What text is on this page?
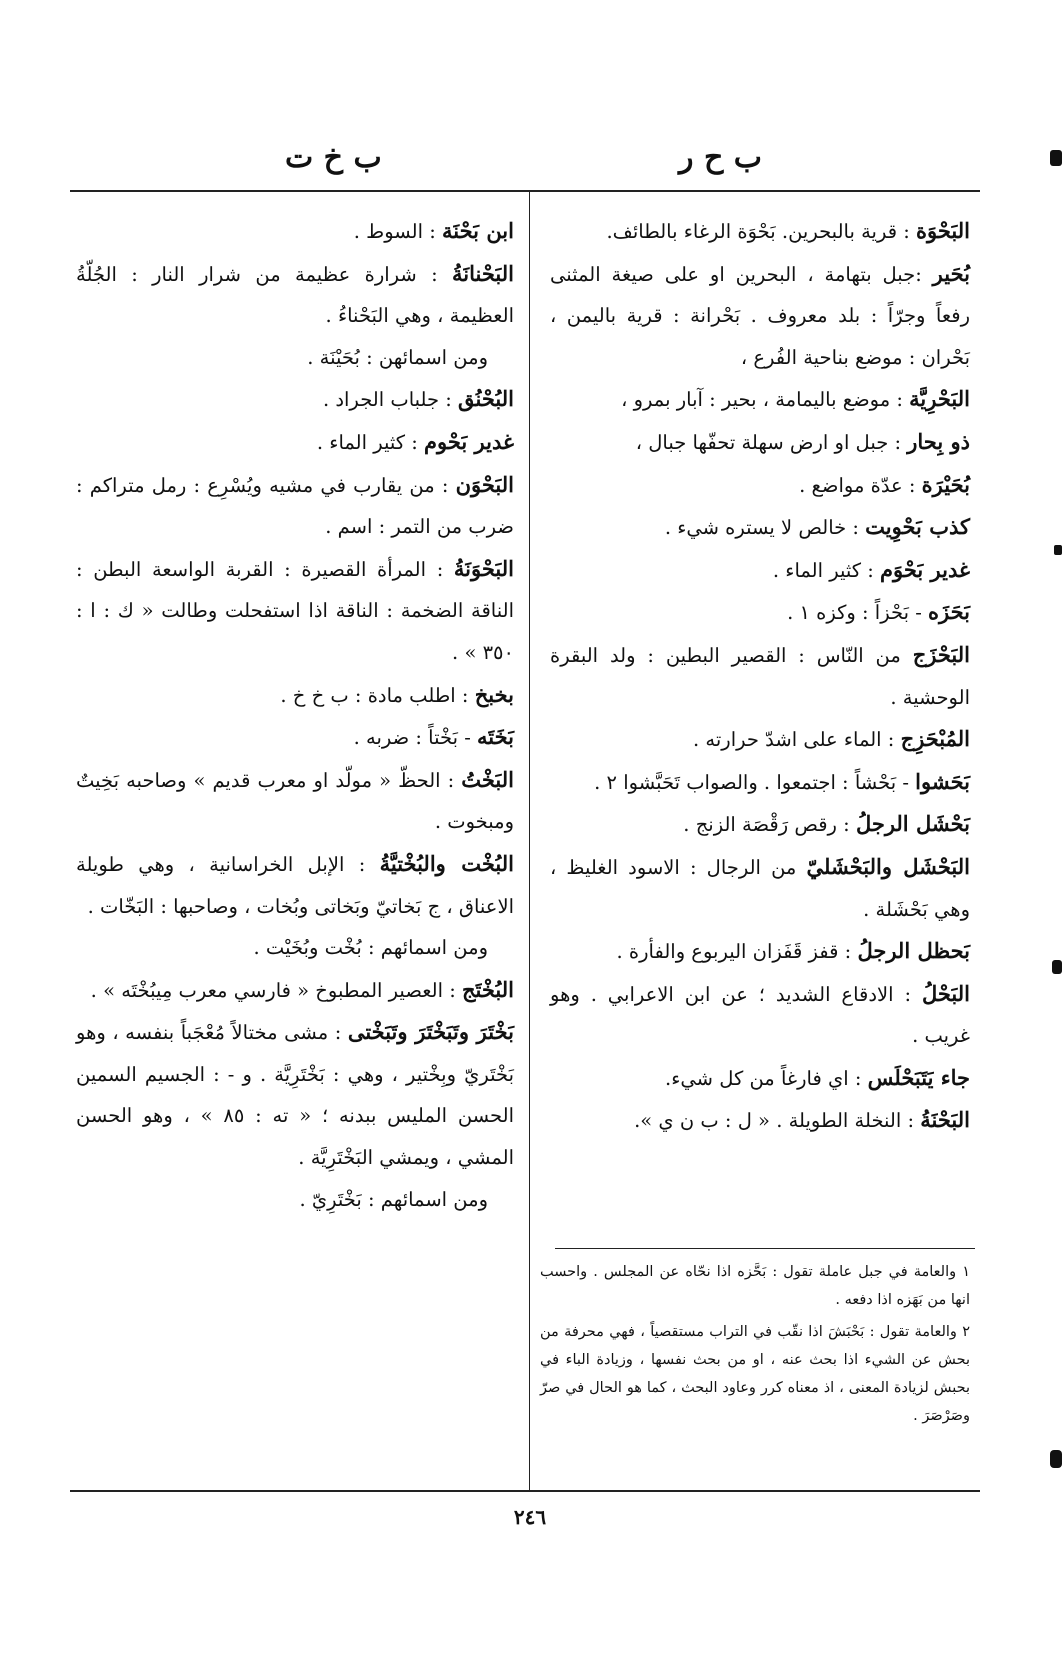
ب ح ر
ب خ ت

البَحْوَة : قرية بالبحرين. بَحْوَة الرغاء بالطائف.

بُحَير :جبل بتهامة ، البحرين او على صيغة المثنى رفعاً وجرّاً : بلد معروف . بَحْرانة : قرية باليمن ، بَحْران : موضع بناحية الفُرع ،

البَحْرِيَّة : موضع باليمامة ، بحير : آبار بمرو ،

ذو بِحار : جبل او ارض سهلة تحفّها جبال ،

بُحَيْرَة : عدّة مواضع .

كذب بَحْوِيت : خالص لا يستره شيء .

غدير بَحْوَم : كثير الماء .

بَحَزَه - بَحْزاً : وكزه ١ .

البَحْزَج من النّاس : القصير البطين : ولد البقرة الوحشية .

المُبْحَزِج : الماء على اشدّ حرارته .

بَحَشوا - بَحْشاً : اجتمعوا . والصواب تَحَبَّشوا ٢ .

بَحْشَل الرجلُ : رقص رَقْصَة الزنج .

البَحْشَل والبَحْشَليّ من الرجال : الاسود الغليظ ، وهي بَحْشَلة .

بَحظل الرجلُ : قفز قَفَزان اليربوع والفأرة .

البَحْلُ : الادقاع الشديد ؛ عن ابن الاعرابي . وهو غريب .

جاء يَتَبَحْلَس : اي فارغاً من كل شيء.

البَحْنَةُ : النخلة الطويلة . « ل : ب ن ي ».

ابن بَحْنَة : السوط .

البَحْنانَةُ : شرارة عظيمة من شرار النار : الجُلّةُ العظيمة ، وهي البَحْناءُ .

ومن اسمائهن : بُحَيْنَة .

البُحْنُق : جلباب الجراد .

غدير بَحْوم : كثير الماء .

البَحْوَن : من يقارب في مشيه ويُسْرِع : رمل متراكم : ضرب من التمر : اسم .

البَحْوَنَةُ : المرأة القصيرة : القربة الواسعة البطن : الناقة الضخمة : الناقة اذا استفحلت وطالت « ك : ا : ٣٥٠ » .

بخبخ : اطلب مادة : ب خ خ .

بَخَتَه - بَخْتاً : ضربه .

البَخْتُ : الحظّ « مولّد او معرب قديم » وصاحبه بَخِيتٌ ومبخوت .

البُخْت والبُخْتيَّةُ : الإبل الخراسانية ، وهي طويلة الاعناق ، ج بَخاتيّ وبَخاتى وبُخات ، وصاحبها : البَخّات .

ومن اسمائهم : بُخْت وبُخَيْت .

البُخْتَج : العصير المطبوخ « فارسي معرب مِيبُخْتَه » .

بَخْتَرَ وتَبَخْتَرَ وتَبَخْتى : مشى مختالاً مُعْجَباً بنفسه ، وهو بَخْتَريّ وبِخْتير ، وهي : بَخْتَرِيَّة . و - : الجسيم السمين الحسن المليس ببدنه ؛ « ته : ٨٥ » ، وهو الحسن المشي ، ويمشي البَخْتَرِيَّة .

ومن اسمائهم : بَخْتَرِيّ .

١ والعامة في جبل عاملة تقول : بَحَّزه اذا نحّاه عن المجلس . واحسب انها من بَهَزه اذا دفعه .

٢ والعامة تقول : بَحْبَشَ اذا نقّب في التراب مستقصياً ، فهي محرفة من بحش عن الشيء اذا بحث عنه ، او من بحث نفسها ، وزيادة الباء في بحبش لزيادة المعنى ، اذ معناه كرر وعاود البحث ، كما هو الحال في صرّ وصَرْصَرَ .

٢٤٦
